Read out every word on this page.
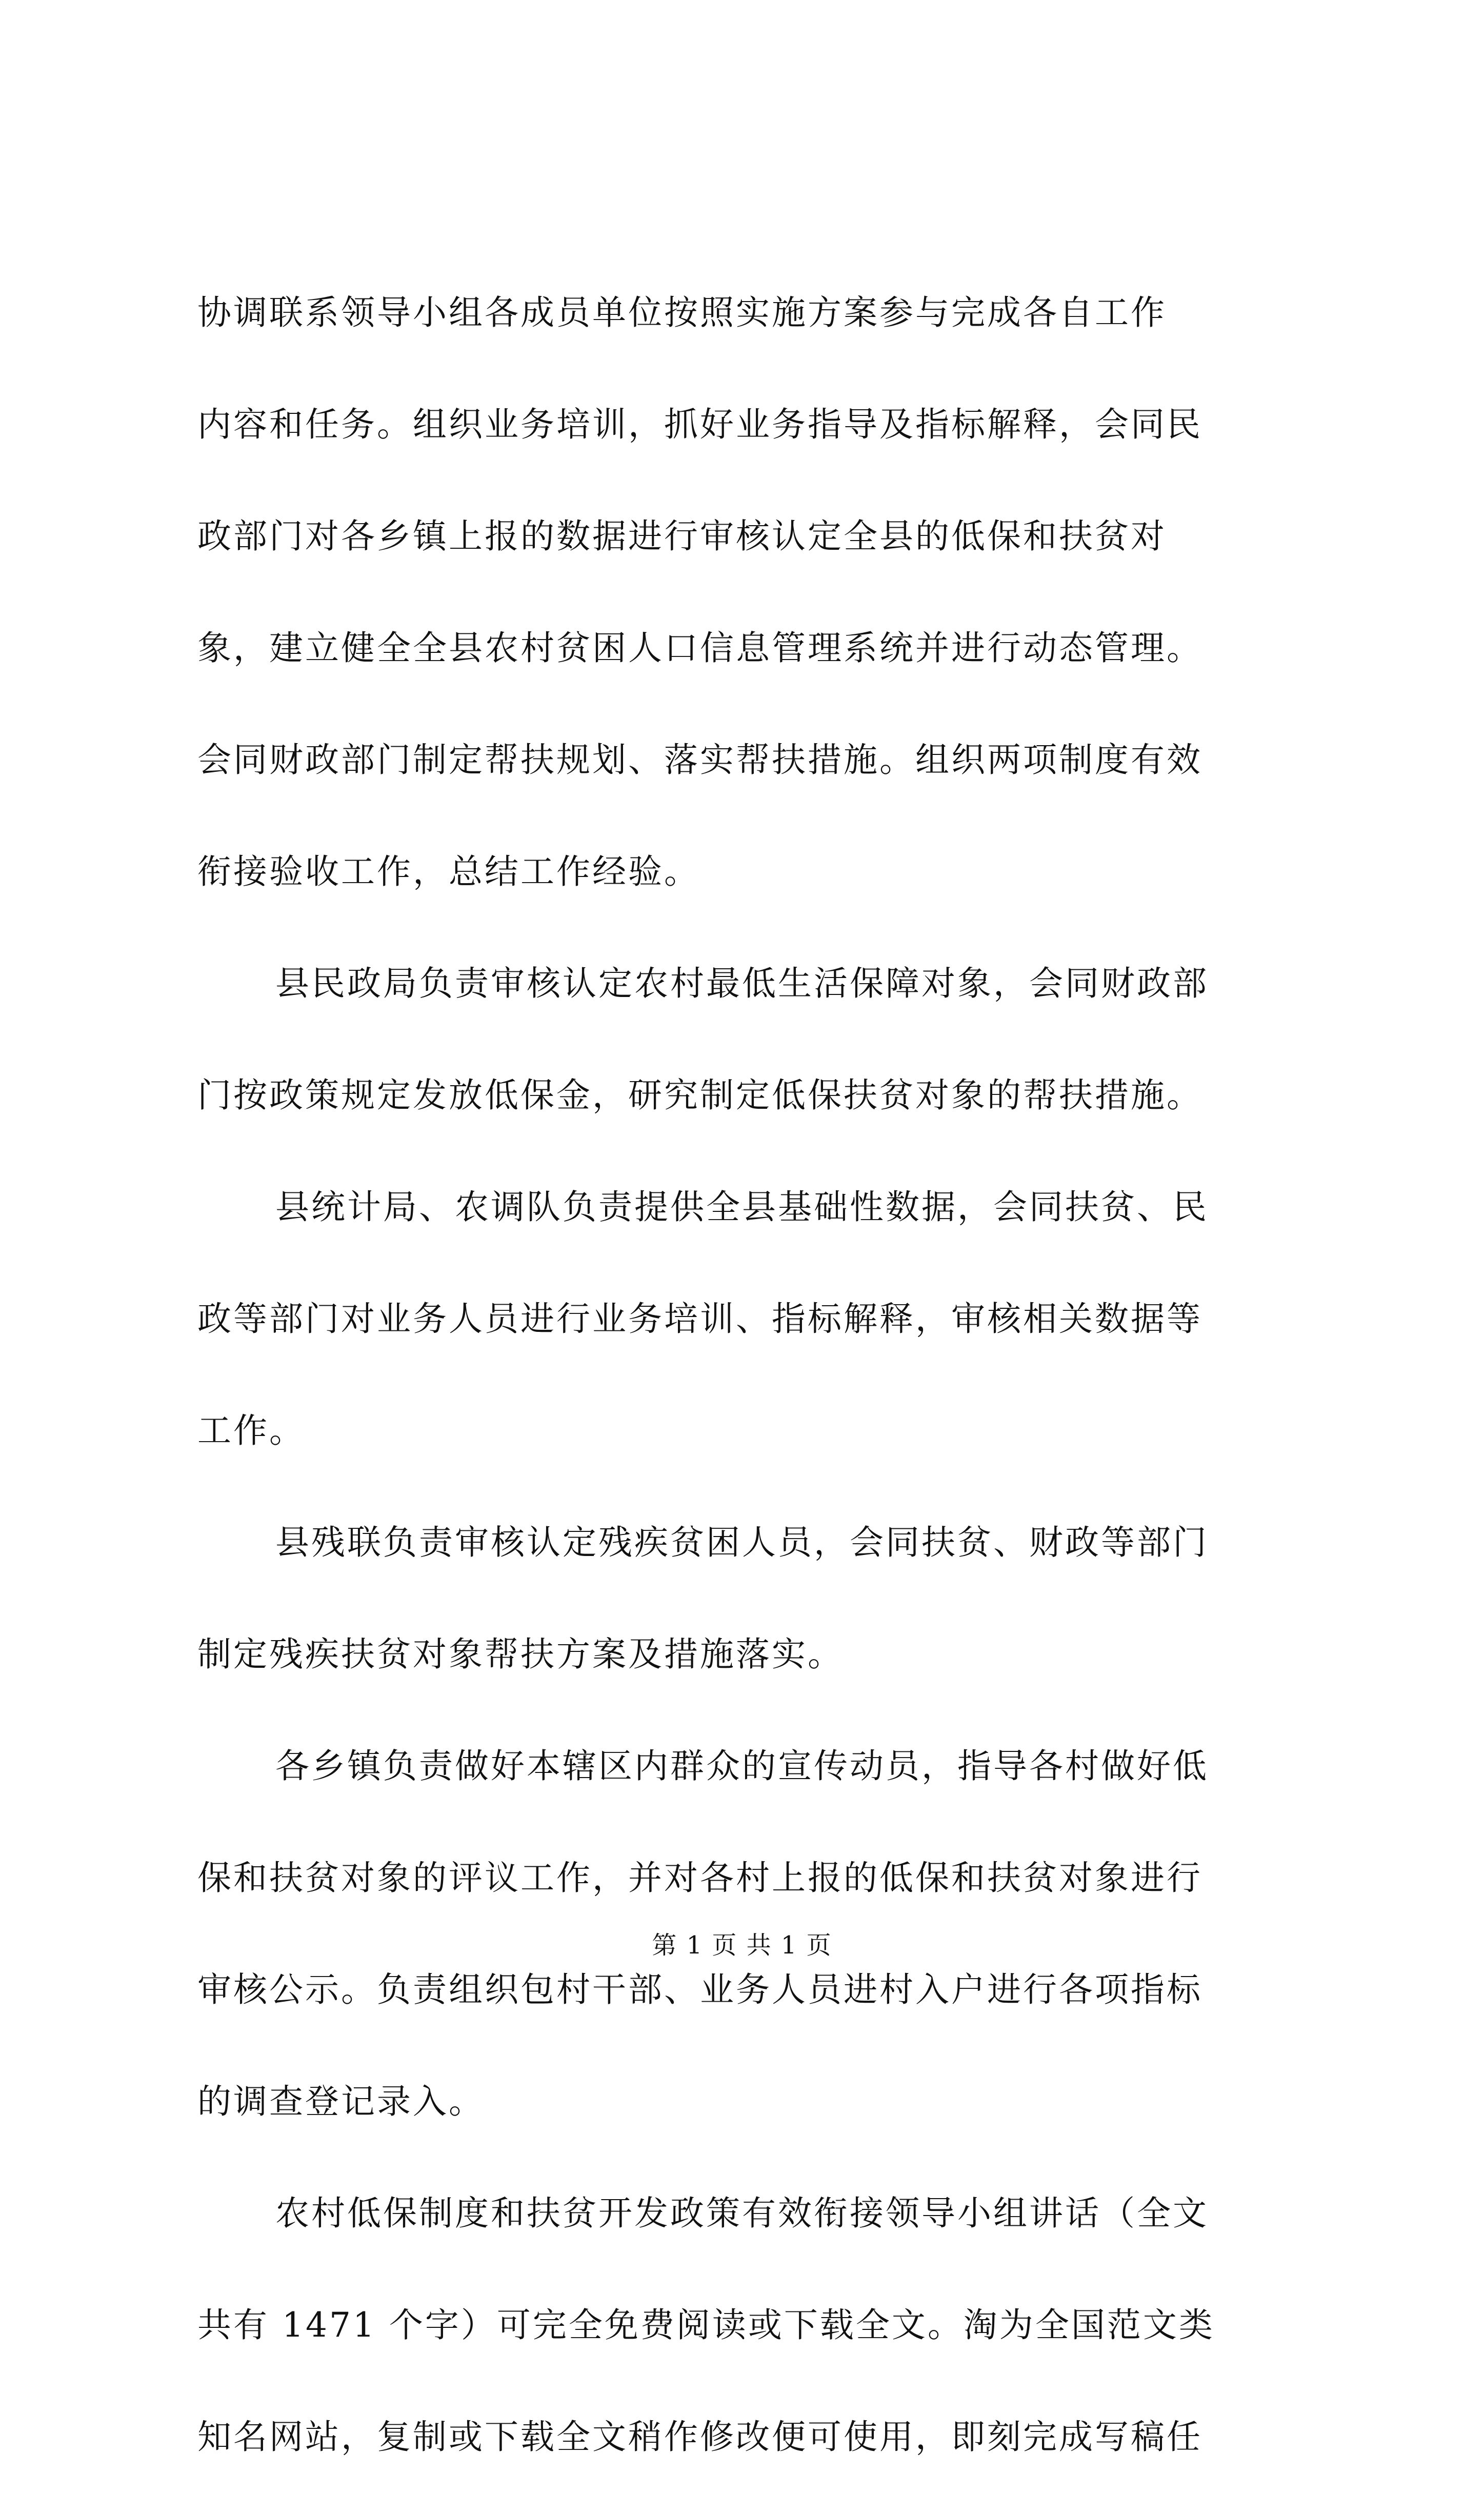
协调联系领导小组各成员单位按照实施方案参与完成各自工作
内容和任务。组织业务培训，抓好业务指导及指标解释，会同民
政部门对各乡镇上报的数据进行审核认定全县的低保和扶贫对
象，建立健全全县农村贫困人口信息管理系统并进行动态管理。
会同财政部门制定帮扶规划、落实帮扶措施。组织两项制度有效
衔接验收工作，总结工作经验。
县民政局负责审核认定农村最低生活保障对象，会同财政部
门按政策规定发放低保金，研究制定低保扶贫对象的帮扶措施。
县统计局、农调队负责提供全县基础性数据，会同扶贫、民
政等部门对业务人员进行业务培训、指标解释，审核相关数据等
工作。
县残联负责审核认定残疾贫困人员，会同扶贫、财政等部门
制定残疾扶贫对象帮扶方案及措施落实。
各乡镇负责做好本辖区内群众的宣传动员，指导各村做好低
保和扶贫对象的评议工作，并对各村上报的低保和扶贫对象进行
审核公示。负责组织包村干部、业务人员进村入户进行各项指标
的调查登记录入。
农村低保制度和扶贫开发政策有效衔接领导小组讲话（全文
共有 1471 个字）可完全免费阅读或下载全文。淘为全国范文类
知名网站，复制或下载全文稍作修改便可使用，即刻完成写稿任
第 1 页 共 1 页
